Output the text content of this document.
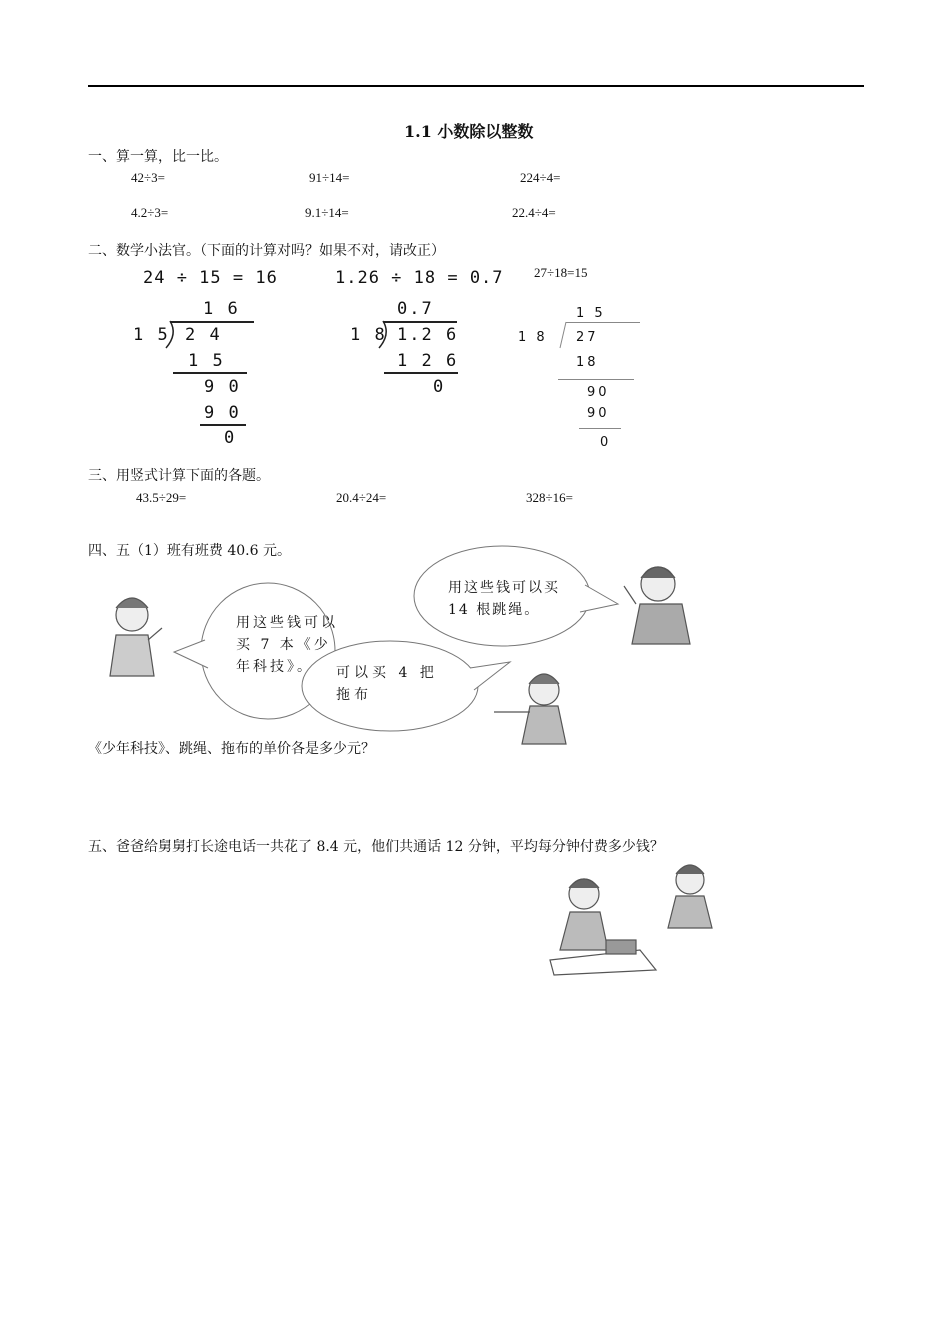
1.1 小数除以整数
一、算一算，比一比。
42÷3=	91÷14=	224÷4=
4.2÷3=	9.1÷14=	22.4÷4=
二、数学小法官。（下面的计算对吗？如果不对，请改正）
24 ÷ 15 = 16
1 6
1 5 2 4
1 5
9 0
9 0
0
1.26 ÷ 18 = 0.7
0.7
1 8 1.2 6
1 2 6
0
27÷18=15
1 5
1 8 27
18
90
90
0
三、用竖式计算下面的各题。
43.5÷29=	20.4÷24=	328÷16=
四、五（1）班有班费 40.6 元。
用这些钱可以买 7 本《少年科技》。
用这些钱可以买 14 根跳绳。
可以买 4 把拖布
《少年科技》、跳绳、拖布的单价各是多少元？
五、爸爸给舅舅打长途电话一共花了 8.4 元，他们共通话 12 分钟，平均每分钟付费多少钱？
